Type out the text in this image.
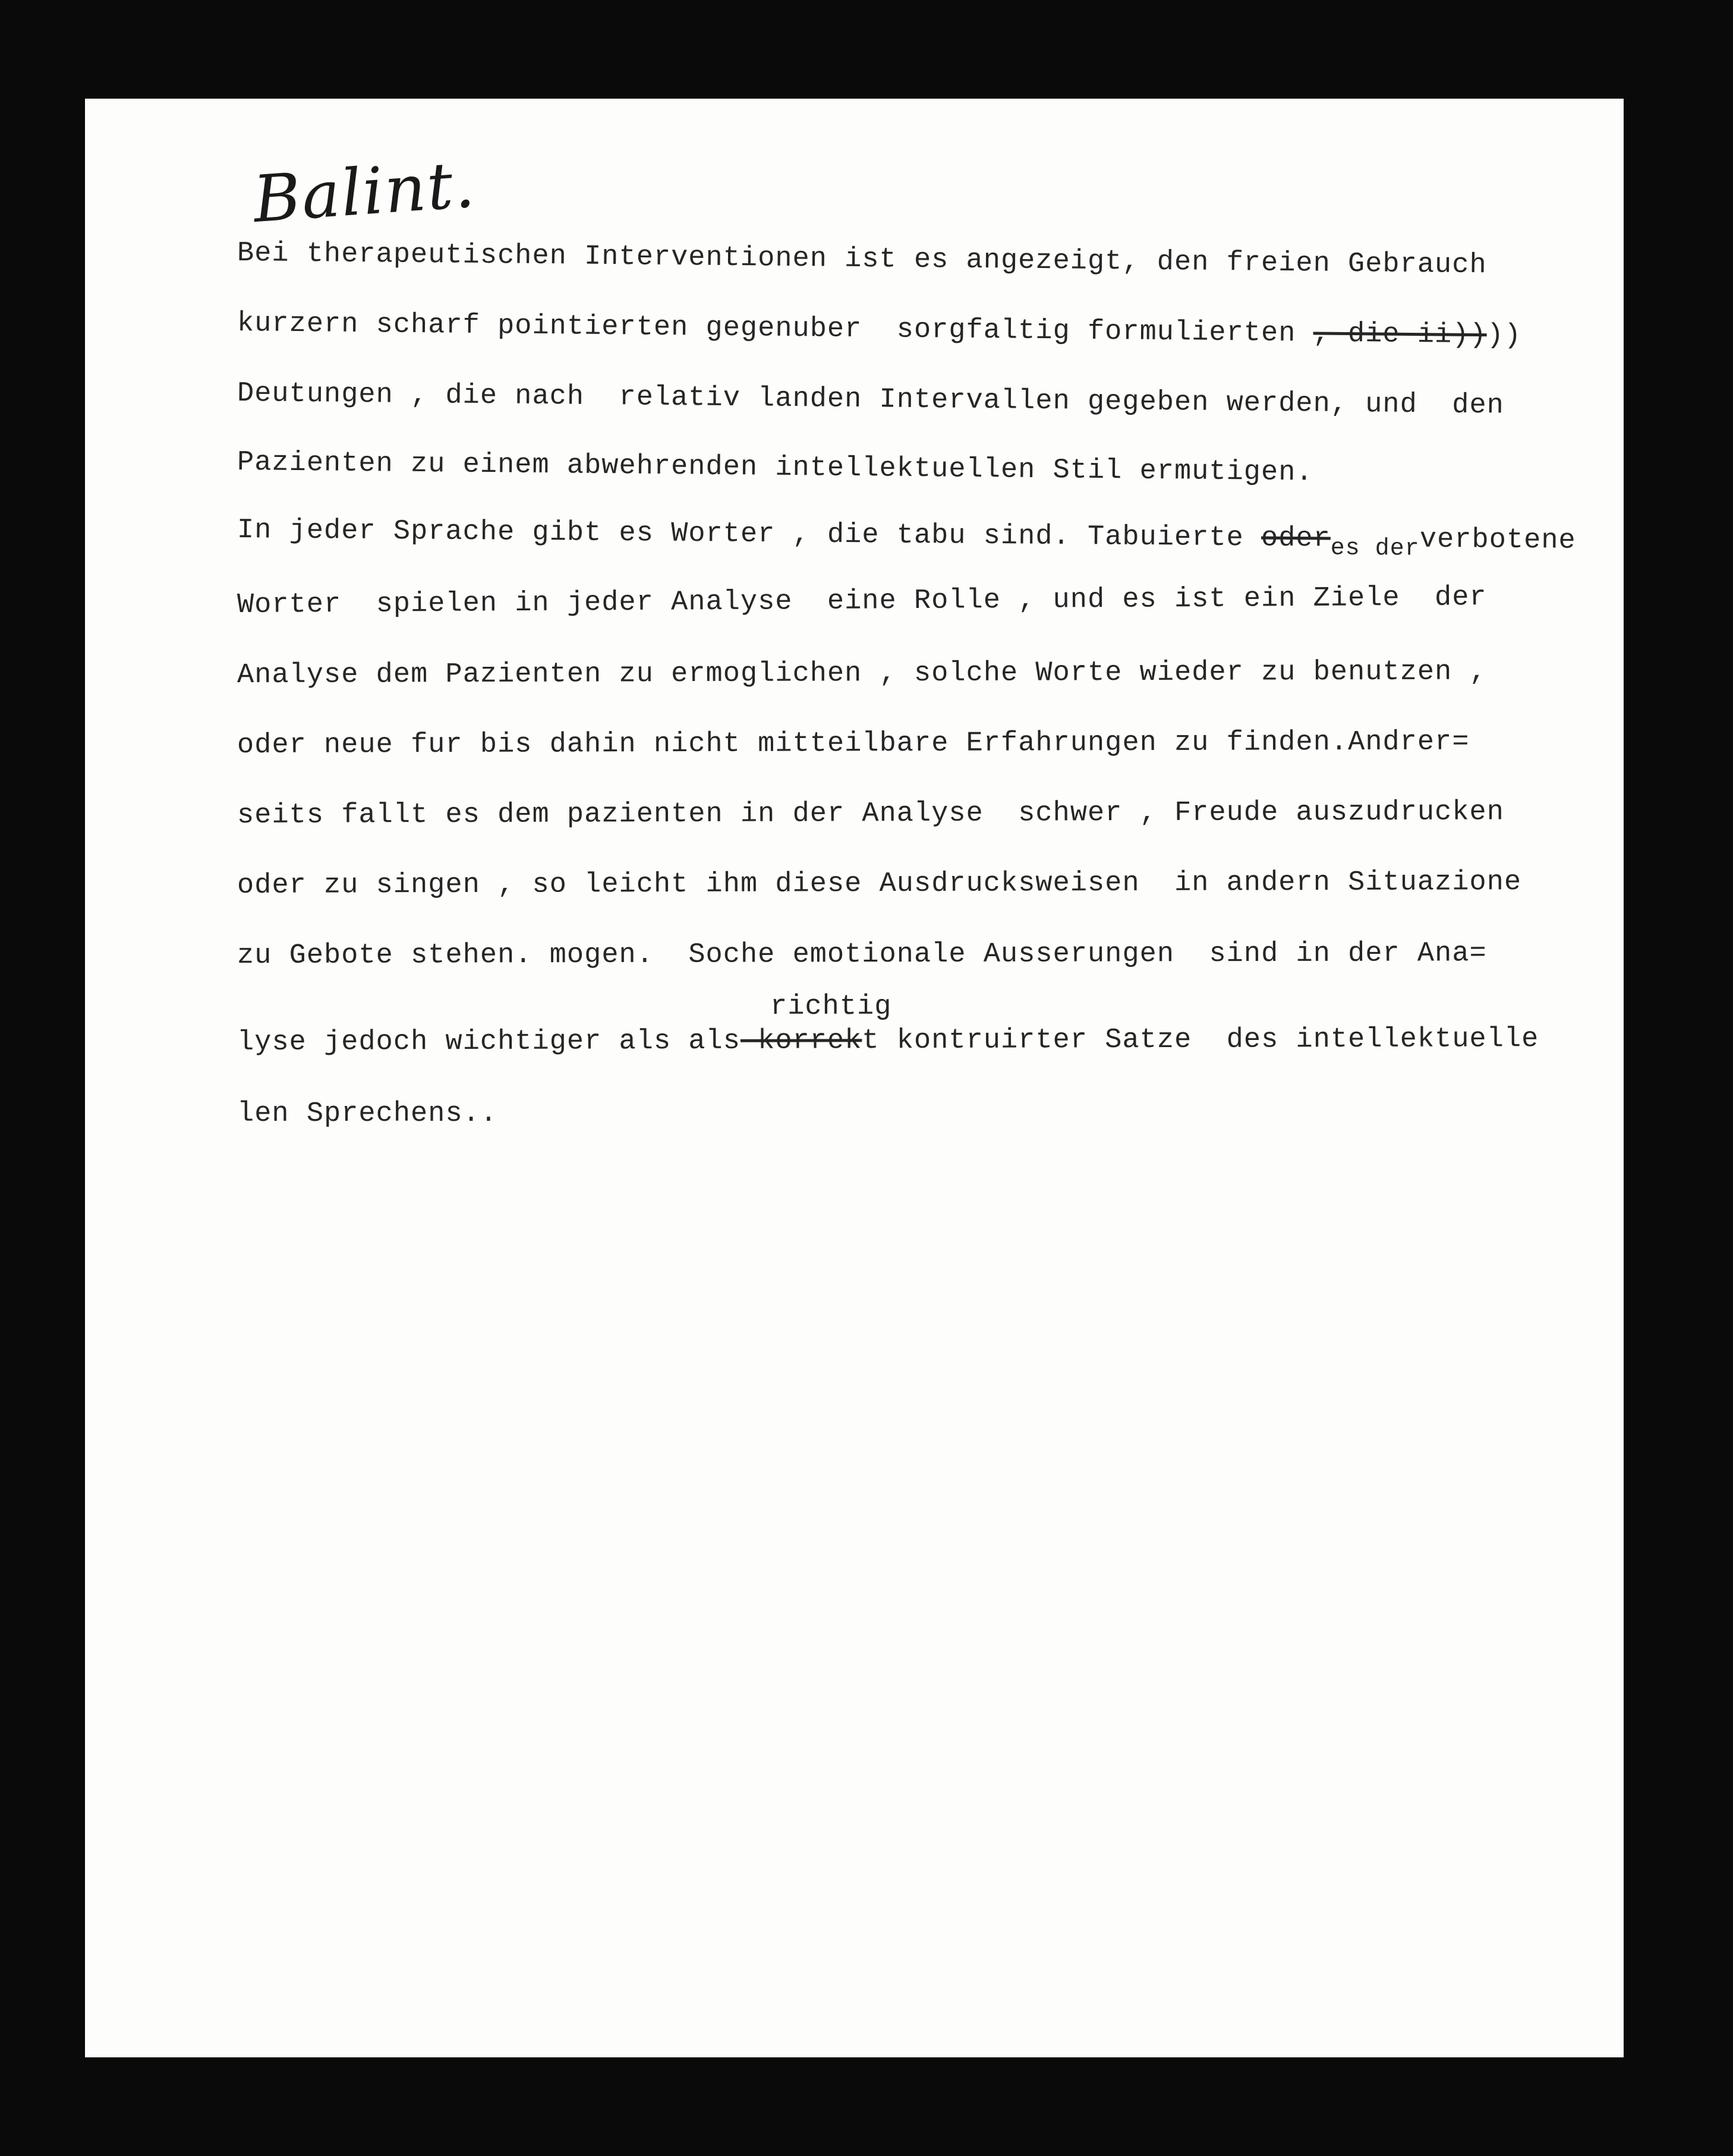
Balint.
Bei therapeutischen Interventionen ist es angezeigt, den freien Gebrauch
kurzern scharf pointierten gegenuber  sorgfaltig formulierten ,-die-ii))))
Deutungen , die nach  relativ landen Intervallen gegeben werden, und  den
Pazienten zu einem abwehrenden intellektuellen Stil ermutigen.
In jeder Sprache gibt es Worter , die tabu sind. Tabuierte oderes derverbotene
Worter  spielen in jeder Analyse  eine Rolle , und es ist ein Ziele  der
Analyse dem Pazienten zu ermoglichen , solche Worte wieder zu benutzen ,
oder neue fur bis dahin nicht mitteilbare Erfahrungen zu finden.Andrer=
seits fallt es dem pazienten in der Analyse  schwer , Freude auszudrucken
oder zu singen , so leicht ihm diese Ausdrucksweisen  in andern Situazione
zu Gebote stehen. mogen.  Soche emotionale Ausserungen  sind in der Ana=
richtig
lyse jedoch wichtiger als als-korrekt kontruirter Satze  des intellektuelle
len Sprechens..
